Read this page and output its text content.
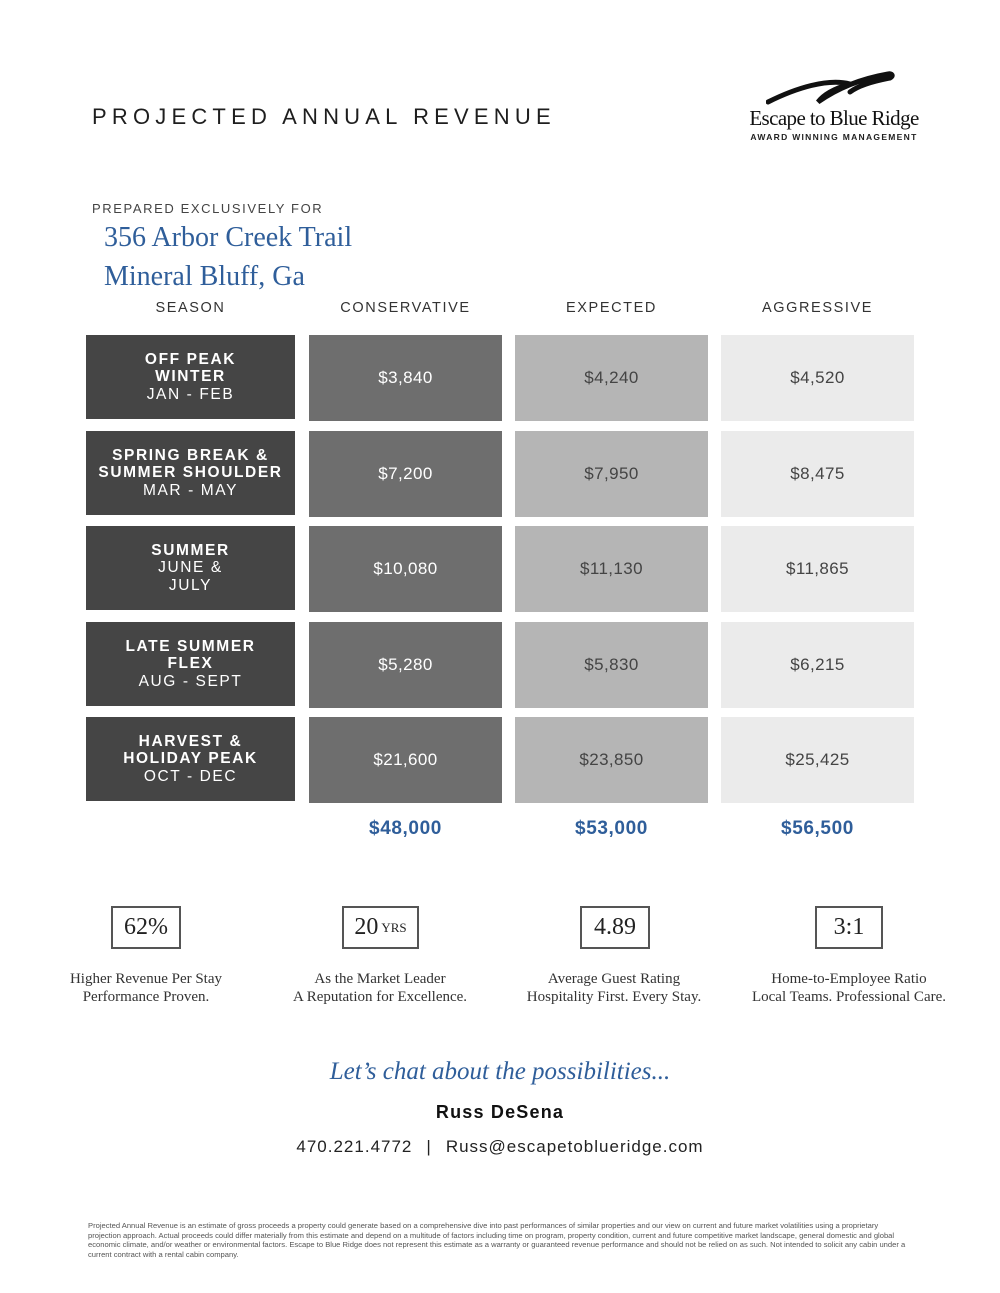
PROJECTED ANNUAL REVENUE	Escape to Blue Ridge
AWARD WINNING MANAGEMENT
PREPARED EXCLUSIVELY FOR
356 Arbor Creek Trail
Mineral Bluff, Ga
SEASON	CONSERVATIVE	EXPECTED	AGGRESSIVE
OFF PEAK
WINTER
JAN - FEB
$3,840	$4,240	$4,520
SPRING BREAK &
SUMMER SHOULDER
MAR - MAY
$7,200	$7,950	$8,475
SUMMER
JUNE &
JULY
$10,080	$11,130	$11,865
LATE SUMMER
FLEX
AUG - SEPT
$5,280	$5,830	$6,215
HARVEST &
HOLIDAY PEAK
OCT - DEC
$21,600	$23,850	$25,425
$48,000	$53,000	$56,500
62%
Higher Revenue Per Stay
Performance Proven.
20 YRS
As the Market Leader
A Reputation for Excellence.
4.89
Average Guest Rating
Hospitality First. Every Stay.
3:1
Home-to-Employee Ratio
Local Teams. Professional Care.
Let’s chat about the possibilities...
Russ DeSena
470.221.4772 | Russ@escapetoblueridge.com
Projected Annual Revenue is an estimate of gross proceeds a property could generate based on a comprehensive dive into past performances of similar properties and our view on current and future market volatilities using a proprietary projection approach. Actual proceeds could differ materially from this estimate and depend on a multitude of factors including time on program, property condition, current and future competitive market landscape, general domestic and global economic climate, and/or weather or environmental factors. Escape to Blue Ridge does not represent this estimate as a warranty or guaranteed revenue performance and should not be relied on as such. Not intended to solicit any cabin under a current contract with a rental cabin company.
